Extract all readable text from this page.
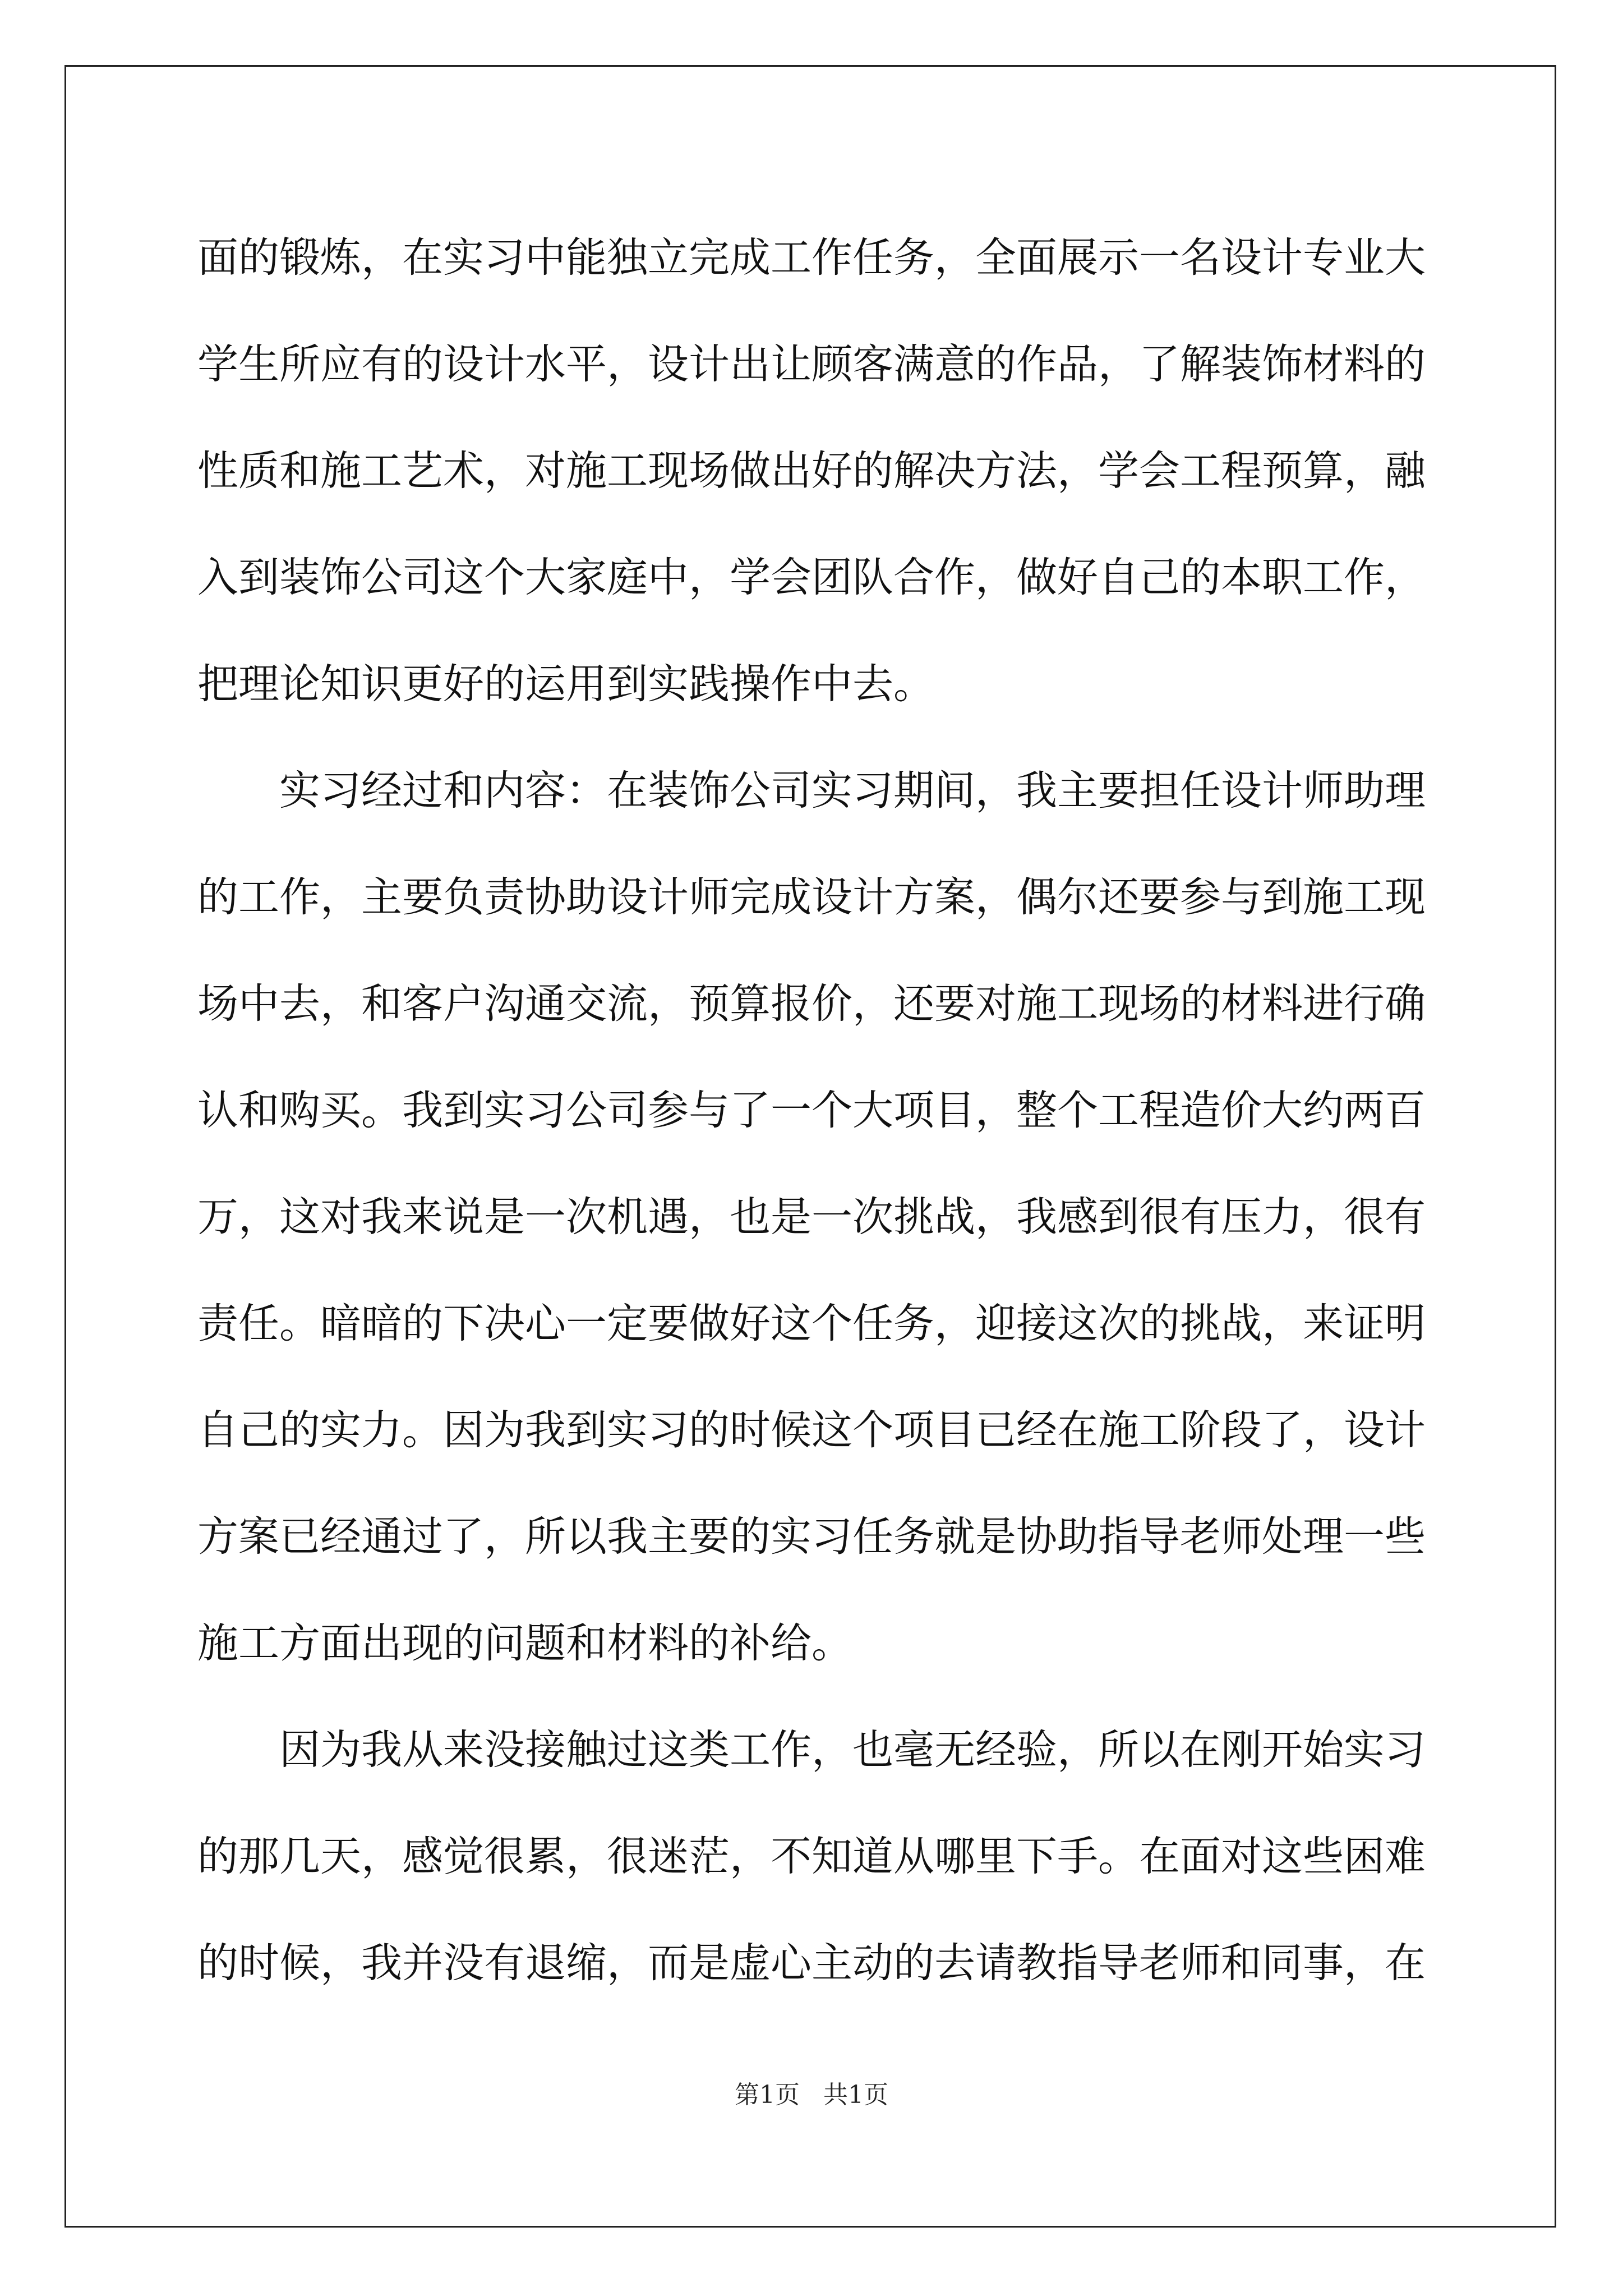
面的锻炼，在实习中能独立完成工作任务，全面展示一名设计专业大学生所应有的设计水平，设计出让顾客满意的作品，了解装饰材料的性质和施工艺术，对施工现场做出好的解决方法，学会工程预算，融入到装饰公司这个大家庭中，学会团队合作，做好自己的本职工作，把理论知识更好的运用到实践操作中去。

实习经过和内容：在装饰公司实习期间，我主要担任设计师助理的工作，主要负责协助设计师完成设计方案，偶尔还要参与到施工现场中去，和客户沟通交流，预算报价，还要对施工现场的材料进行确认和购买。我到实习公司参与了一个大项目，整个工程造价大约两百万，这对我来说是一次机遇，也是一次挑战，我感到很有压力，很有责任。暗暗的下决心一定要做好这个任务，迎接这次的挑战，来证明自己的实力。因为我到实习的时候这个项目已经在施工阶段了，设计方案已经通过了，所以我主要的实习任务就是协助指导老师处理一些施工方面出现的问题和材料的补给。

因为我从来没接触过这类工作，也毫无经验，所以在刚开始实习的那几天，感觉很累，很迷茫，不知道从哪里下手。在面对这些困难的时候，我并没有退缩，而是虚心主动的去请教指导老师和同事，在

第1页   共1页
